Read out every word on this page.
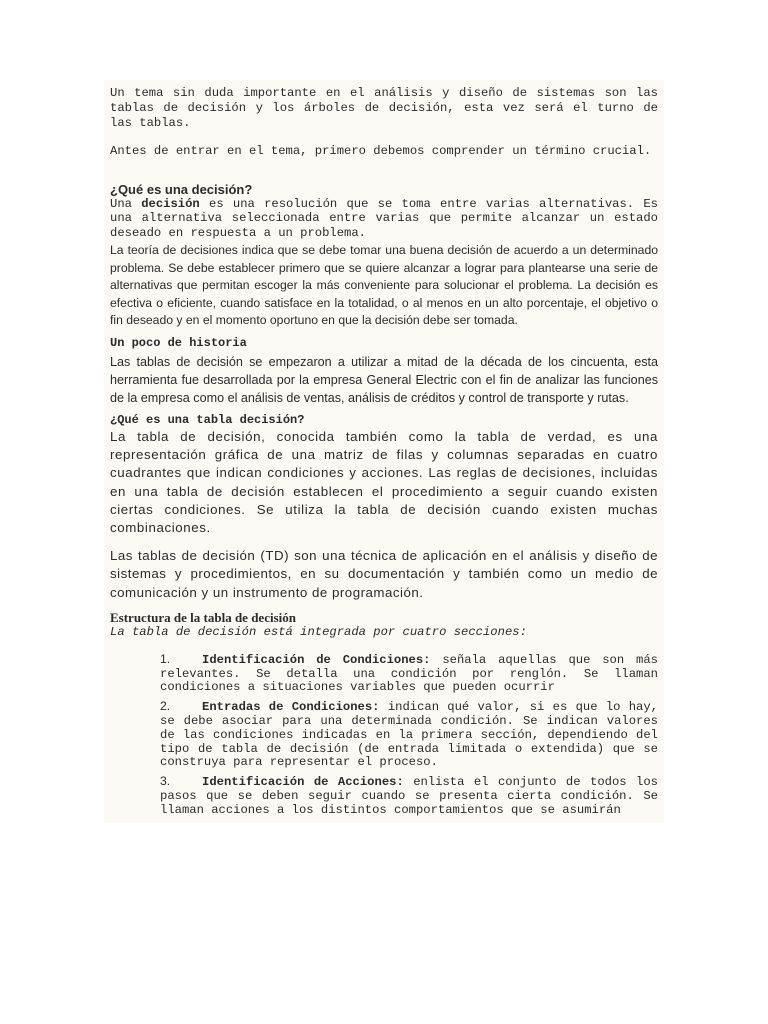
Un tema sin duda importante en el análisis y diseño de sistemas son las tablas de decisión y los árboles de decisión, esta vez será el turno de las tablas.

Antes de entrar en el tema, primero debemos comprender un término crucial.

¿Qué es una decisión?

Una decisión es una resolución que se toma entre varias alternativas. Es una alternativa seleccionada entre varias que permite alcanzar un estado deseado en respuesta a un problema.

La teoría de decisiones indica que se debe tomar una buena decisión de acuerdo a un determinado problema. Se debe establecer primero que se quiere alcanzar a lograr para plantearse una serie de alternativas que permitan escoger la más conveniente para solucionar el problema. La decisión es efectiva o eficiente, cuando satisface en la totalidad, o al menos en un alto porcentaje, el objetivo o fin deseado y en el momento oportuno en que la decisión debe ser tomada.

Un poco de historia

Las tablas de decisión se empezaron a utilizar a mitad de la década de los cincuenta, esta herramienta fue desarrollada por la empresa General Electric con el fin de analizar las funciones de la empresa como el análisis de ventas, análisis de créditos y control de transporte y rutas.

¿Qué es una tabla decisión?

La tabla de decisión, conocida también como la tabla de verdad, es una representación gráfica de una matriz de filas y columnas separadas en cuatro cuadrantes que indican condiciones y acciones. Las reglas de decisiones, incluidas en una tabla de decisión establecen el procedimiento a seguir cuando existen ciertas condiciones. Se utiliza la tabla de decisión cuando existen muchas combinaciones.

Las tablas de decisión (TD) son una técnica de aplicación en el análisis y diseño de sistemas y procedimientos, en su documentación y también como un medio de comunicación y un instrumento de programación.

Estructura de la tabla de decisión

La tabla de decisión está integrada por cuatro secciones:

1.	Identificación de Condiciones: señala aquellas que son más relevantes. Se detalla una condición por renglón. Se llaman condiciones a situaciones variables que pueden ocurrir
2.	Entradas de Condiciones: indican qué valor, si es que lo hay, se debe asociar para una determinada condición. Se indican valores de las condiciones indicadas en la primera sección, dependiendo del tipo de tabla de decisión (de entrada limitada o extendida) que se construya para representar el proceso.
3.	Identificación de Acciones: enlista el conjunto de todos los pasos que se deben seguir cuando se presenta cierta condición. Se llaman acciones a los distintos comportamientos que se asumirán
